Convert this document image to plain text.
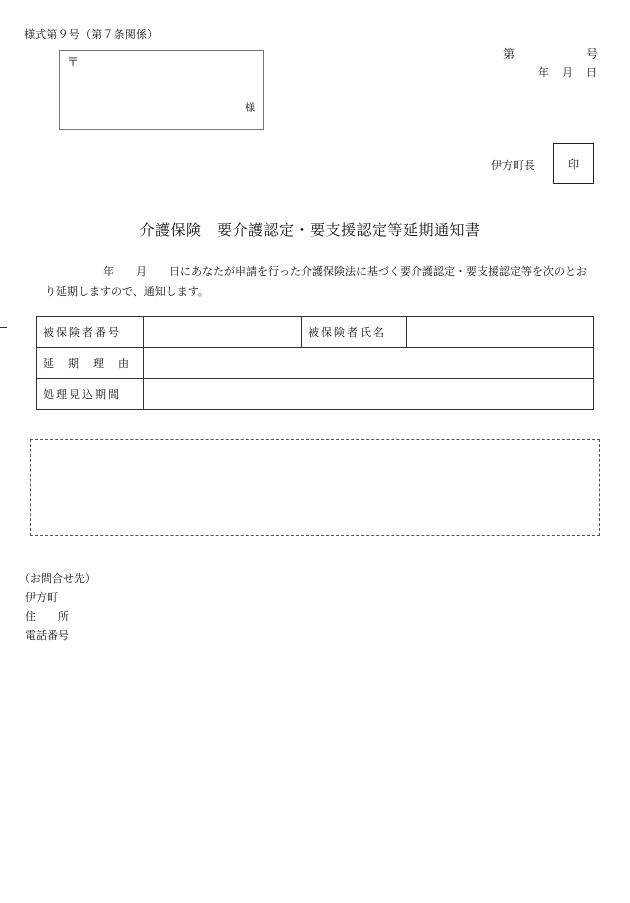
様式第９号（第７条関係）
〒
様
第	号
年 月 日
伊方町長	印
介護保険　要介護認定・要支援認定等延期通知書
年　　月　　日にあなたが申請を行った介護保険法に基づく要介護認定・要支援認定等を次のとお
り延期しますので、通知します。
被保険者番号		被保険者氏名	
延期理由			
処理見込期間			
（お問合せ先）
伊方町
住　　所
電話番号
